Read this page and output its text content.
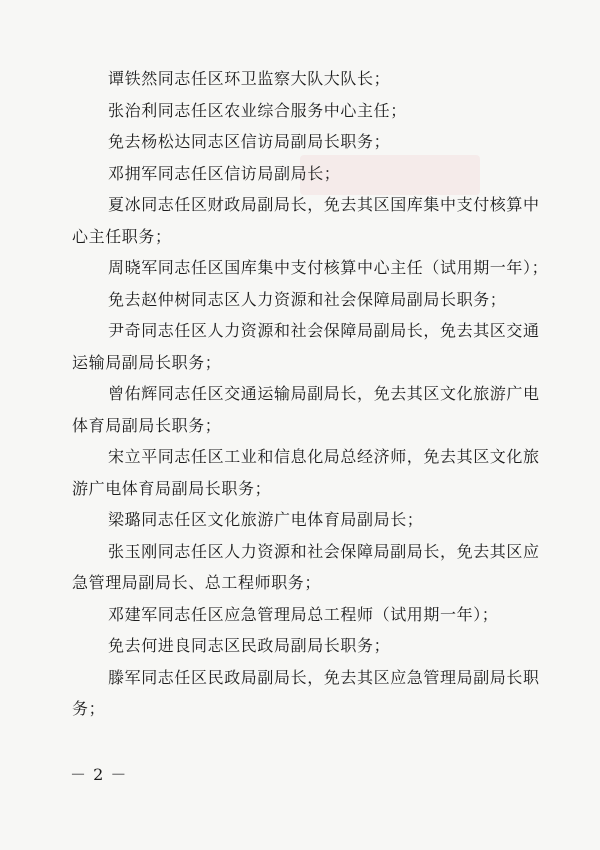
谭铁然同志任区环卫监察大队大队长；

张治利同志任区农业综合服务中心主任；

免去杨松达同志区信访局副局长职务；

邓拥军同志任区信访局副局长；

夏冰同志任区财政局副局长，免去其区国库集中支付核算中心主任职务；

周晓军同志任区国库集中支付核算中心主任（试用期一年）；

免去赵仲树同志区人力资源和社会保障局副局长职务；

尹奇同志任区人力资源和社会保障局副局长，免去其区交通运输局副局长职务；

曾佑辉同志任区交通运输局副局长，免去其区文化旅游广电体育局副局长职务；

宋立平同志任区工业和信息化局总经济师，免去其区文化旅游广电体育局副局长职务；

梁璐同志任区文化旅游广电体育局副局长；

张玉刚同志任区人力资源和社会保障局副局长，免去其区应急管理局副局长、总工程师职务；

邓建军同志任区应急管理局总工程师（试用期一年）；

免去何进良同志区民政局副局长职务；

滕军同志任区民政局副局长，免去其区应急管理局副局长职务；

－ 2 －
